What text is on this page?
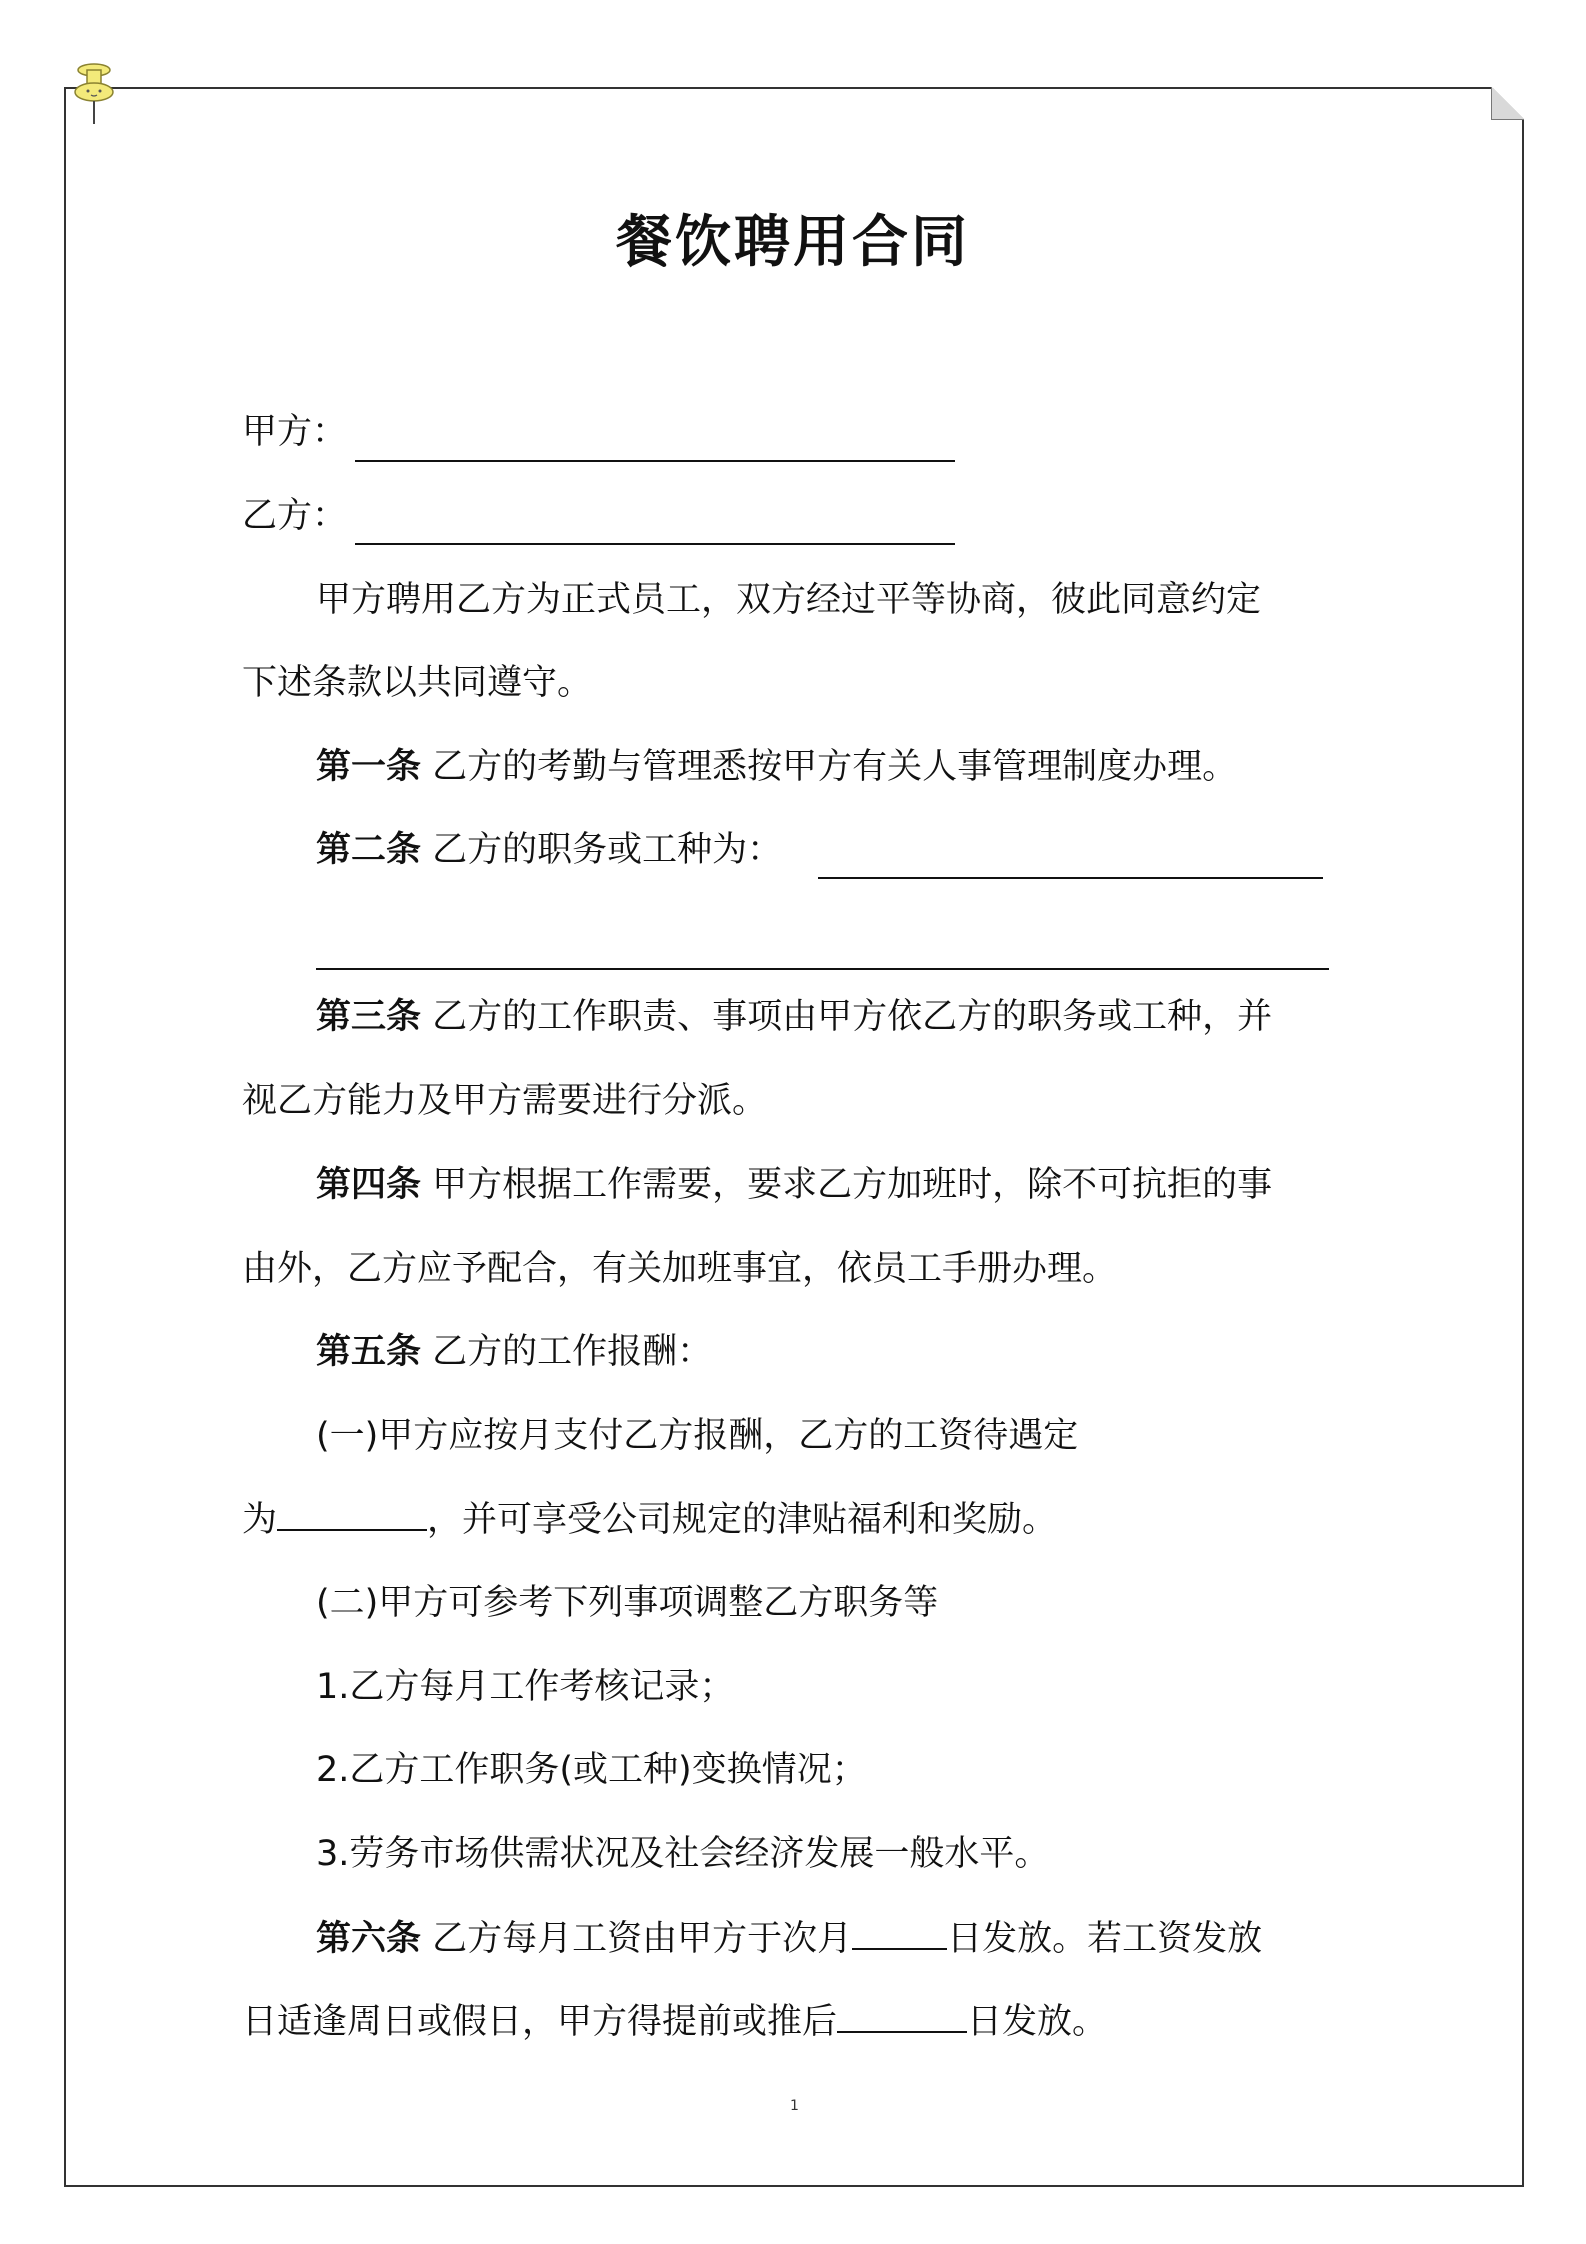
餐饮聘用合同
甲方：
乙方：
甲方聘用乙方为正式员工，双方经过平等协商，彼此同意约定
下述条款以共同遵守。
第一条 乙方的考勤与管理悉按甲方有关人事管理制度办理。
第二条 乙方的职务或工种为：
第三条 乙方的工作职责、事项由甲方依乙方的职务或工种，并
视乙方能力及甲方需要进行分派。
第四条 甲方根据工作需要，要求乙方加班时，除不可抗拒的事
由外，乙方应予配合，有关加班事宜，依员工手册办理。
第五条 乙方的工作报酬：
(一)甲方应按月支付乙方报酬，乙方的工资待遇定
为	，并可享受公司规定的津贴福利和奖励。
(二)甲方可参考下列事项调整乙方职务等
1.乙方每月工作考核记录；
2.乙方工作职务(或工种)变换情况；
3.劳务市场供需状况及社会经济发展一般水平。
第六条 乙方每月工资由甲方于次月	日发放。若工资发放
日适逢周日或假日，甲方得提前或推后	日发放。
1
